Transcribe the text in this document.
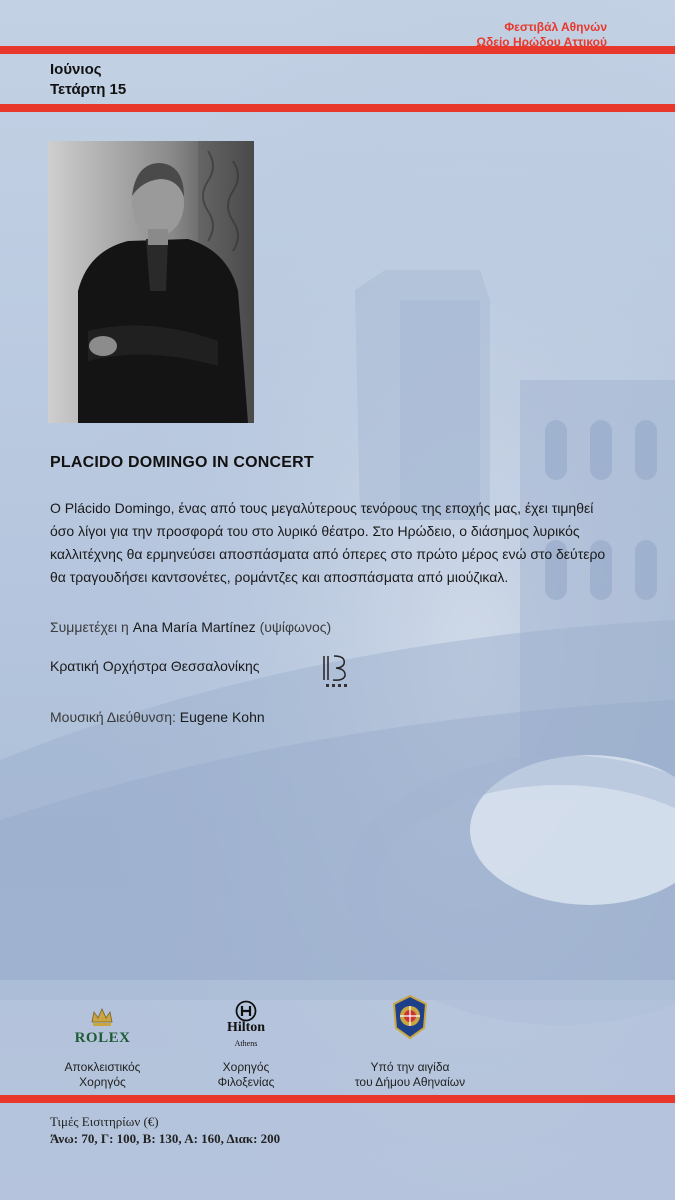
Φεστιβάλ Αθηνών
Ωδείο Ηρώδου Αττικού
Ιούνιος
Τετάρτη 15
PLACIDO DOMINGO IN CONCERT
Ο Plácido Domingo, ένας από τους μεγαλύτερους τενόρους της εποχής μας, έχει τιμηθεί όσο λίγοι για την προσφορά του στο λυρικό θέατρο. Στο Ηρώδειο, ο διάσημος λυρικός καλλιτέχνης θα ερμηνεύσει αποσπάσματα από όπερες στο πρώτο μέρος ενώ στο δεύτερο θα τραγουδήσει καντσονέτες, ρομάντζες και αποσπάσματα από μιούζικαλ.
Συμμετέχει η Ana María Martínez (υψίφωνος)
Κρατική Ορχήστρα Θεσσαλονίκης
Μουσική Διεύθυνση: Eugene Kohn
ROLEX
Αποκλειστικός
Χορηγός
Hilton
Athens
Χορηγός
Φιλοξενίας
Υπό την αιγίδα
του Δήμου Αθηναίων
Τιμές Εισιτηρίων (€)
Άνω: 70, Γ: 100, Β: 130, Α: 160, Διακ: 200
